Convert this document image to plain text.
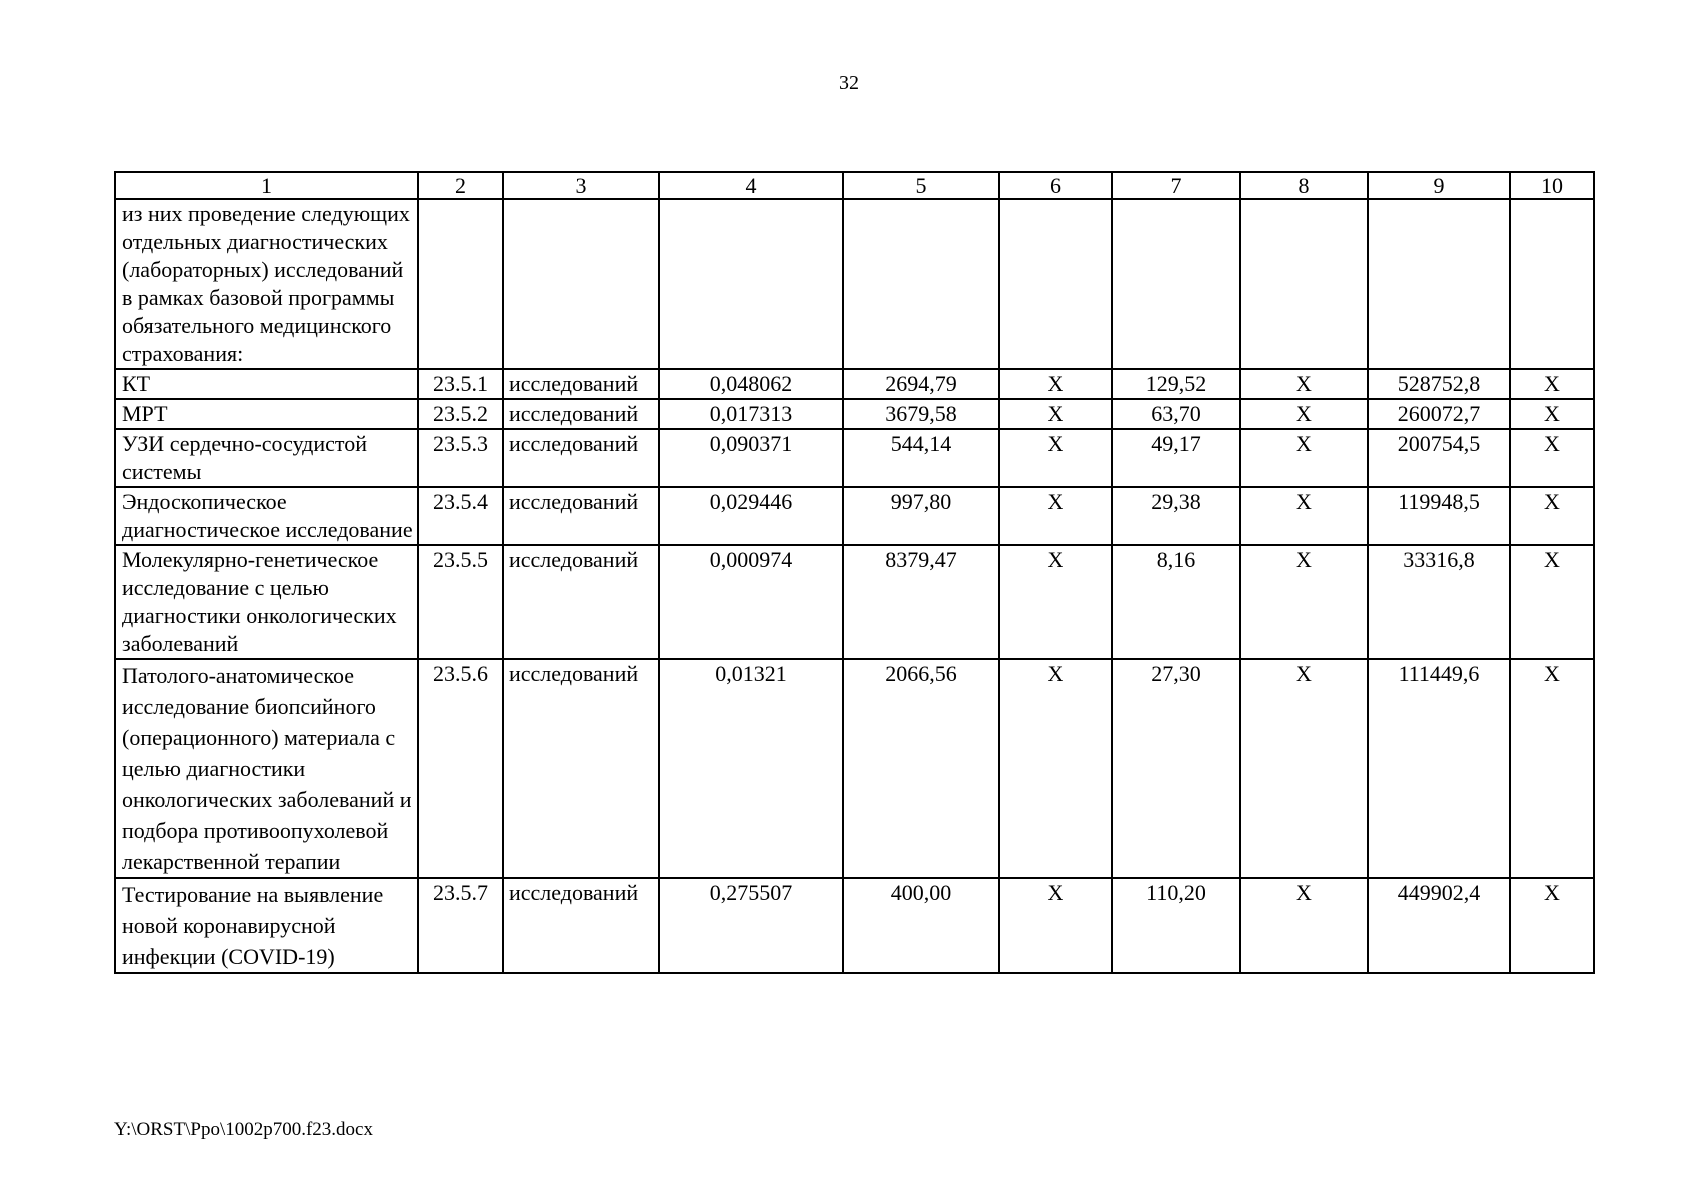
32
1	2	3	4	5	6	7	8	9	10
из них проведение следующих отдельных диагностических (лабораторных) исследований в рамках базовой программы обязательного медицинского страхования:									
КТ	23.5.1	исследований	0,048062	2694,79	Х	129,52	Х	528752,8	Х
МРТ	23.5.2	исследований	0,017313	3679,58	Х	63,70	Х	260072,7	Х
УЗИ сердечно-сосудистой системы	23.5.3	исследований	0,090371	544,14	Х	49,17	Х	200754,5	Х
Эндоскопическое диагностическое исследование	23.5.4	исследований	0,029446	997,80	Х	29,38	Х	119948,5	Х
Молекулярно-генетическое исследование с целью диагностики онкологических заболеваний	23.5.5	исследований	0,000974	8379,47	Х	8,16	Х	33316,8	Х
Патолого-анатомическое исследование биопсийного (операционного) материала с целью диагностики онкологических заболеваний и подбора противоопухолевой лекарственной терапии	23.5.6	исследований	0,01321	2066,56	Х	27,30	Х	111449,6	Х
Тестирование на выявление новой коронавирусной инфекции (COVID-19)	23.5.7	исследований	0,275507	400,00	Х	110,20	Х	449902,4	Х
Y:\ORST\Ppo\1002p700.f23.docx
